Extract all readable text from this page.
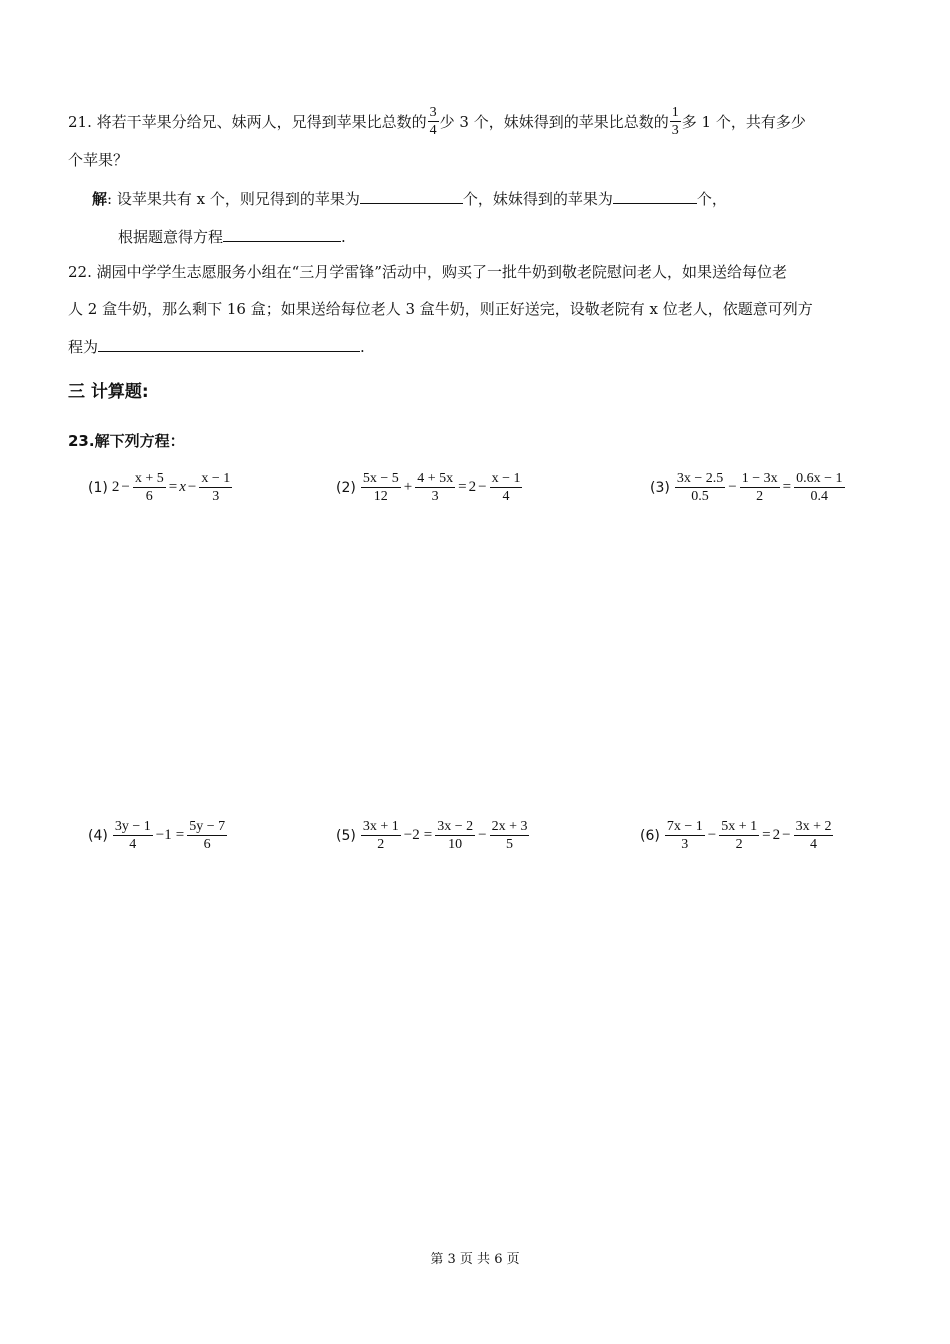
21. 将若干苹果分给兄、妹两人，兄得到苹果比总数的 $\frac{3}{4}$ 少 3 个，妹妹得到的苹果比总数的 $\frac{1}{3}$ 多 1 个，共有多少
个苹果？
解: 设苹果共有 x 个，则兄得到的苹果为	个，妹妹得到的苹果为	个，
根据题意得方程	.
22. 湖园中学学生志愿服务小组在“三月学雷锋”活动中，购买了一批牛奶到敬老院慰问老人，如果送给每位老
人 2 盒牛奶，那么剩下 16 盒；如果送给每位老人 3 盒牛奶，则正好送完，设敬老院有 x 位老人，依题意可列方
程为	.
三 计算题:
23.解下列方程：
(1) $2 - \frac{x + 5}{6} = x - \frac{x - 1}{3}$	$(2) \frac{5x - 5}{12} + \frac{4 + 5x}{3} = 2 - \frac{x - 1}{4}$	$(3) \frac{3x - 2.5}{0.5} - \frac{1 - 3x}{2} = \frac{0.6x - 1}{0.4}$
$(4) \frac{3y - 1}{4} -1 = \frac{5y - 7}{6}$	$(5) \frac{3x + 1}{2} -2 = \frac{3x - 2}{10} - \frac{2x + 3}{5}$	$(6) \frac{7x - 1}{3} - \frac{5x + 1}{2} = 2 - \frac{3x + 2}{4}$
第 3 页 共 6 页
